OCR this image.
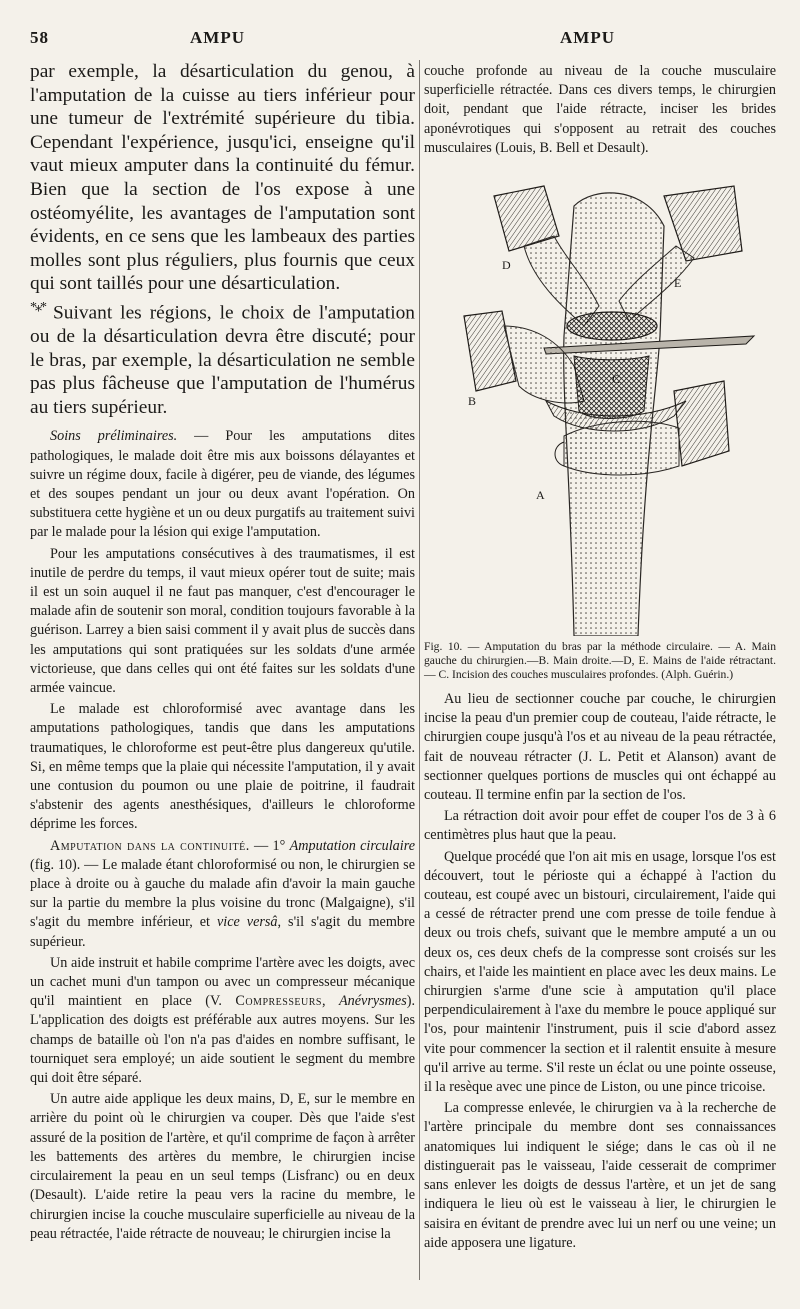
58	AMPU	AMPU

par exemple, la désarticulation du genou, à l'amputation de la cuisse au tiers inférieur pour une tumeur de l'extrémité supérieure du tibia. Cependant l'expérience, jusqu'ici, enseigne qu'il vaut mieux amputer dans la continuité du fémur. Bien que la section de l'os expose à une ostéomyélite, les avantages de l'amputation sont évidents, en ce sens que les lambeaux des parties molles sont plus réguliers, plus fournis que ceux qui sont taillés pour une désarticulation.

*⁎* Suivant les régions, le choix de l'amputation ou de la désarticulation devra être discuté; pour le bras, par exemple, la désarticulation ne semble pas plus fâcheuse que l'amputation de l'humérus au tiers supérieur.

Soins préliminaires. — Pour les amputations dites pathologiques, le malade doit être mis aux boissons délayantes et suivre un régime doux, facile à digérer, peu de viande, des légumes et des soupes pendant un jour ou deux avant l'opération. On substituera cette hygiène et un ou deux purgatifs au traitement suivi par le malade pour la lésion qui exige l'amputation.

Pour les amputations consécutives à des traumatismes, il est inutile de perdre du temps, il vaut mieux opérer tout de suite; mais il est un soin auquel il ne faut pas manquer, c'est d'encourager le malade afin de soutenir son moral, condition toujours favorable à la guérison. Larrey a bien saisi comment il y avait plus de succès dans les amputations qui sont pratiquées sur les soldats d'une armée victorieuse, que dans celles qui ont été faites sur les soldats d'une armée vaincue.

Le malade est chloroformisé avec avantage dans les amputations pathologiques, tandis que dans les amputations traumatiques, le chloroforme est peut-être plus dangereux qu'utile. Si, en même temps que la plaie qui nécessite l'amputation, il y avait une contusion du poumon ou une plaie de poitrine, il faudrait s'abstenir des agents anesthésiques, d'ailleurs le chloroforme déprime les forces.

Amputation dans la continuité. — 1° Amputation circulaire (fig. 10). — Le malade étant chloroformisé ou non, le chirurgien se place à droite ou à gauche du malade afin d'avoir la main gauche sur la partie du membre la plus voisine du tronc (Malgaigne), s'il s'agit du membre inférieur, et vice versâ, s'il s'agit du membre supérieur.

Un aide instruit et habile comprime l'artère avec les doigts, avec un cachet muni d'un tampon ou avec un compresseur mécanique qu'il maintient en place (V. Compresseurs, Anévrysmes). L'application des doigts est préférable aux autres moyens. Sur les champs de bataille où l'on n'a pas d'aides en nombre suffisant, le tourniquet sera employé; un aide soutient le segment du membre qui doit être séparé.

Un autre aide applique les deux mains, D, E, sur le membre en arrière du point où le chirurgien va couper. Dès que l'aide s'est assuré de la position de l'artère, et qu'il comprime de façon à arrêter les battements des artères du membre, le chirurgien incise circulairement la peau en un seul temps (Lisfranc) ou en deux (Desault). L'aide retire la peau vers la racine du membre, le chirurgien incise la couche musculaire superficielle au niveau de la peau rétractée, l'aide rétracte de nouveau; le chirurgien incise la

couche profonde au niveau de la couche musculaire superficielle rétractée. Dans ces divers temps, le chirurgien doit, pendant que l'aide rétracte, inciser les brides aponévrotiques qui s'opposent au retrait des couches musculaires (Louis, B. Bell et Desault).

D
E
C
B
A
Fig. 10. — Amputation du bras par la méthode circulaire. — A. Main gauche du chirurgien.—B. Main droite.—D, E. Mains de l'aide rétractant. — C. Incision des couches musculaires profondes. (Alph. Guérin.)

Au lieu de sectionner couche par couche, le chirurgien incise la peau d'un premier coup de couteau, l'aide rétracte, le chirurgien coupe jusqu'à l'os et au niveau de la peau rétractée, fait de nouveau rétracter (J. L. Petit et Alanson) avant de sectionner quelques portions de muscles qui ont échappé au couteau. Il termine enfin par la section de l'os.

La rétraction doit avoir pour effet de couper l'os de 3 à 6 centimètres plus haut que la peau.

Quelque procédé que l'on ait mis en usage, lorsque l'os est découvert, tout le périoste qui a échappé à l'action du couteau, est coupé avec un bistouri, circulairement, l'aide qui a cessé de rétracter prend une com presse de toile fendue à deux ou trois chefs, suivant que le membre amputé a un ou deux os, ces deux chefs de la compresse sont croisés sur les chairs, et l'aide les maintient en place avec les deux mains. Le chirurgien s'arme d'une scie à amputation qu'il place perpendiculairement à l'axe du membre le pouce appliqué sur l'os, pour maintenir l'instrument, puis il scie d'abord assez vite pour commencer la section et il ralentit ensuite à mesure qu'il arrive au terme. S'il reste un éclat ou une pointe osseuse, il la resèque avec une pince de Liston, ou une pince tricoise.

La compresse enlevée, le chirurgien va à la recherche de l'artère principale du membre dont ses connaissances anatomiques lui indiquent le siége; dans le cas où il ne distinguerait pas le vaisseau, l'aide cesserait de comprimer sans enlever les doigts de dessus l'artère, et un jet de sang indiquera le lieu où est le vaisseau à lier, le chirurgien le saisira en évitant de prendre avec lui un nerf ou une veine; un aide apposera une ligature.
